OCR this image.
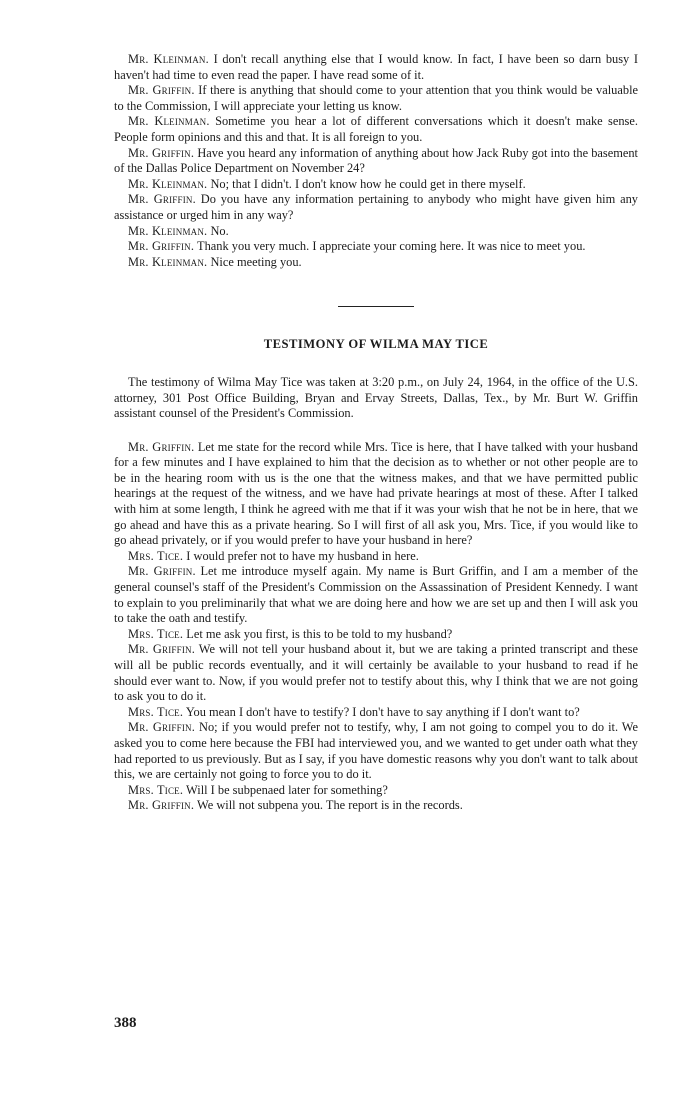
Mr. Kleinman. I don't recall anything else that I would know. In fact, I have been so darn busy I haven't had time to even read the paper. I have read some of it.

Mr. Griffin. If there is anything that should come to your attention that you think would be valuable to the Commission, I will appreciate your letting us know.

Mr. Kleinman. Sometime you hear a lot of different conversations which it doesn't make sense. People form opinions and this and that. It is all foreign to you.

Mr. Griffin. Have you heard any information of anything about how Jack Ruby got into the basement of the Dallas Police Department on November 24?

Mr. Kleinman. No; that I didn't. I don't know how he could get in there myself.

Mr. Griffin. Do you have any information pertaining to anybody who might have given him any assistance or urged him in any way?

Mr. Kleinman. No.

Mr. Griffin. Thank you very much. I appreciate your coming here. It was nice to meet you.

Mr. Kleinman. Nice meeting you.

TESTIMONY OF WILMA MAY TICE

The testimony of Wilma May Tice was taken at 3:20 p.m., on July 24, 1964, in the office of the U.S. attorney, 301 Post Office Building, Bryan and Ervay Streets, Dallas, Tex., by Mr. Burt W. Griffin assistant counsel of the President's Commission.

Mr. Griffin. Let me state for the record while Mrs. Tice is here, that I have talked with your husband for a few minutes and I have explained to him that the decision as to whether or not other people are to be in the hearing room with us is the one that the witness makes, and that we have permitted public hearings at the request of the witness, and we have had private hearings at most of these. After I talked with him at some length, I think he agreed with me that if it was your wish that he not be in here, that we go ahead and have this as a private hearing. So I will first of all ask you, Mrs. Tice, if you would like to go ahead privately, or if you would prefer to have your husband in here?

Mrs. Tice. I would prefer not to have my husband in here.

Mr. Griffin. Let me introduce myself again. My name is Burt Griffin, and I am a member of the general counsel's staff of the President's Commission on the Assassination of President Kennedy. I want to explain to you preliminarily that what we are doing here and how we are set up and then I will ask you to take the oath and testify.

Mrs. Tice. Let me ask you first, is this to be told to my husband?

Mr. Griffin. We will not tell your husband about it, but we are taking a printed transcript and these will all be public records eventually, and it will certainly be available to your husband to read if he should ever want to. Now, if you would prefer not to testify about this, why I think that we are not going to ask you to do it.

Mrs. Tice. You mean I don't have to testify? I don't have to say anything if I don't want to?

Mr. Griffin. No; if you would prefer not to testify, why, I am not going to compel you to do it. We asked you to come here because the FBI had interviewed you, and we wanted to get under oath what they had reported to us previously. But as I say, if you have domestic reasons why you don't want to talk about this, we are certainly not going to force you to do it.

Mrs. Tice. Will I be subpenaed later for something?

Mr. Griffin. We will not subpena you. The report is in the records.

388
